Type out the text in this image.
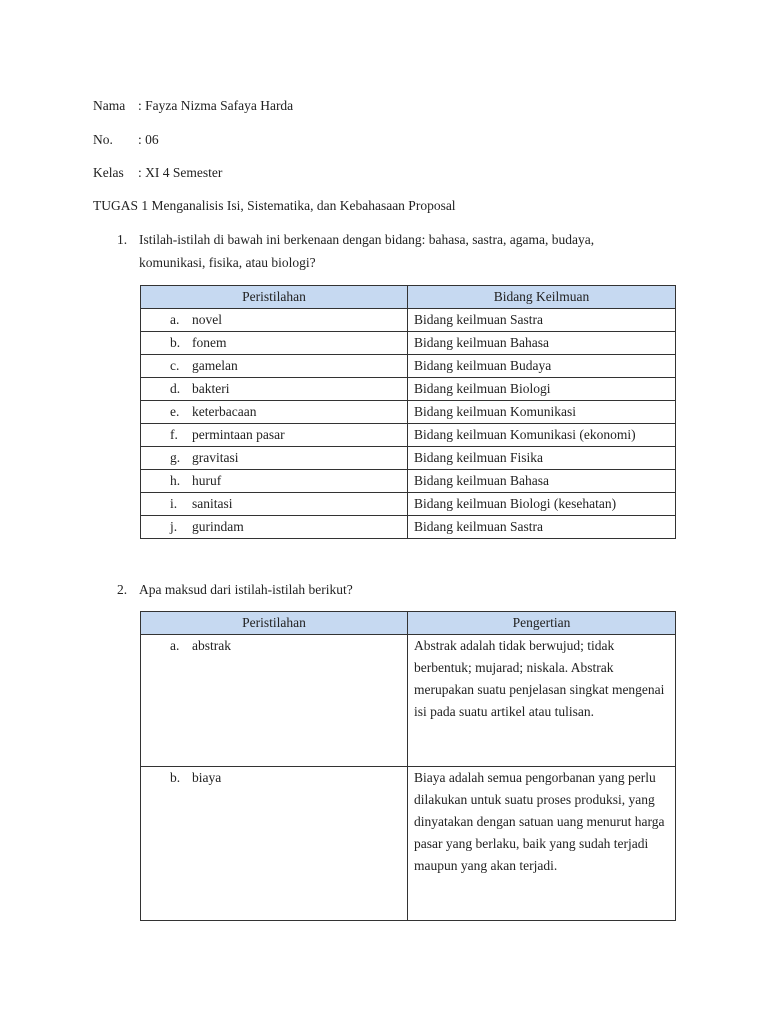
Nama : Fayza Nizma Safaya Harda
No. : 06
Kelas : XI 4 Semester
TUGAS 1 Menganalisis Isi, Sistematika, dan Kebahasaan Proposal
1. Istilah-istilah di bawah ini berkenaan dengan bidang: bahasa, sastra, agama, budaya,
komunikasi, fisika, atau biologi?
Peristilahan	Bidang Keilmuan
a. novel	Bidang keilmuan Sastra
b. fonem	Bidang keilmuan Bahasa
c. gamelan	Bidang keilmuan Budaya
d. bakteri	Bidang keilmuan Biologi
e. keterbacaan	Bidang keilmuan Komunikasi
f. permintaan pasar	Bidang keilmuan Komunikasi (ekonomi)
g. gravitasi	Bidang keilmuan Fisika
h. huruf	Bidang keilmuan Bahasa
i. sanitasi	Bidang keilmuan Biologi (kesehatan)
j. gurindam	Bidang keilmuan Sastra
2. Apa maksud dari istilah-istilah berikut?
Peristilahan	Pengertian
a. abstrak	Abstrak adalah tidak berwujud; tidak berbentuk; mujarad; niskala. Abstrak merupakan suatu penjelasan singkat mengenai isi pada suatu artikel atau tulisan.
b. biaya	Biaya adalah semua pengorbanan yang perlu dilakukan untuk suatu proses produksi, yang dinyatakan dengan satuan uang menurut harga pasar yang berlaku, baik yang sudah terjadi maupun yang akan terjadi.
